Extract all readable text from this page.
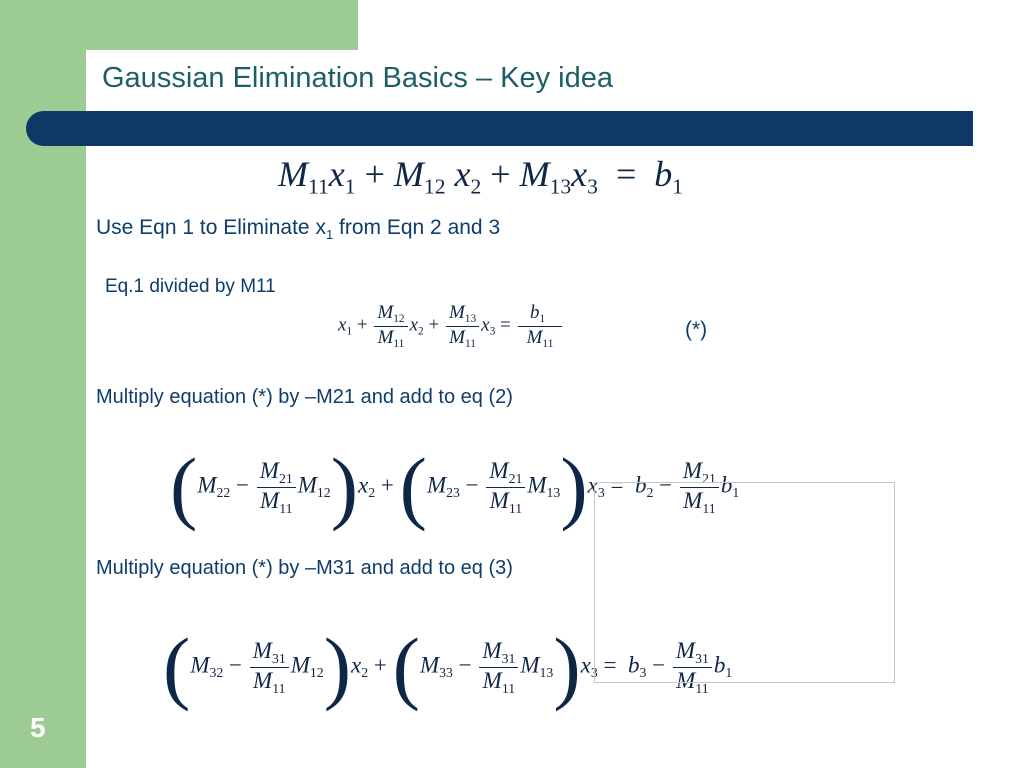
Gaussian Elimination Basics – Key idea
$M_{11}x_1 + M_{12}$ $x_2 + M_{13}x_3 = b_1$
Use Eqn 1 to Eliminate $x_1$ from Eqn 2 and 3
Eq.1 divided by M11
$x_1 + \frac{M_{12}}{M_{11}} x_2 + \frac{M_{13}}{M_{11}} x_3 = \frac{b_1}{M_{11}}$	(*)
Multiply equation (*) by –M21 and add to eq (2)
$(M_{22} - \frac{M_{21}}{M_{11}} M_{12})x_2 + (M_{23} - \frac{M_{21}}{M_{11}} M_{13})x_3 = b_2 - \frac{M_{21}}{M_{11}} b_1$
Multiply equation (*) by –M31 and add to eq (3)
$(M_{32} - \frac{M_{31}}{M_{11}} M_{12})x_2 + (M_{33} - \frac{M_{31}}{M_{11}} M_{13})x_3 = b_3 - \frac{M_{31}}{M_{11}} b_1$
5
